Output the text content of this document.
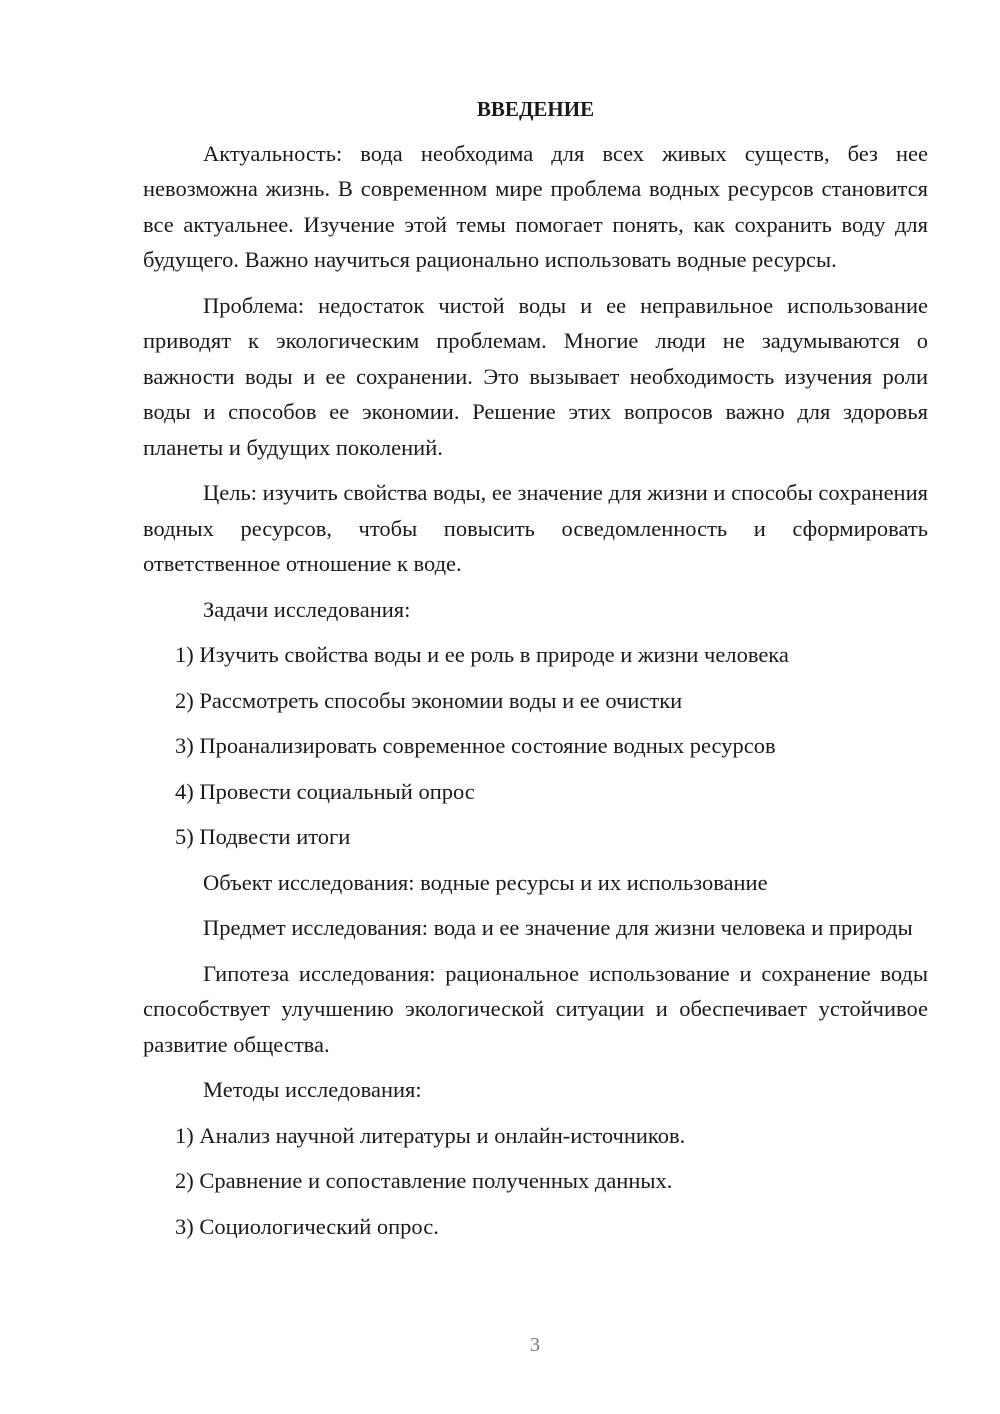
ВВЕДЕНИЕ

Актуальность: вода необходима для всех живых существ, без нее невозможна жизнь. В современном мире проблема водных ресурсов становится все актуальнее. Изучение этой темы помогает понять, как сохранить воду для будущего. Важно научиться рационально использовать водные ресурсы.

Проблема: недостаток чистой воды и ее неправильное использование приводят к экологическим проблемам. Многие люди не задумываются о важности воды и ее сохранении. Это вызывает необходимость изучения роли воды и способов ее экономии. Решение этих вопросов важно для здоровья планеты и будущих поколений.

Цель: изучить свойства воды, ее значение для жизни и способы сохранения водных ресурсов, чтобы повысить осведомленность и сформировать ответственное отношение к воде.

Задачи исследования:

1) Изучить свойства воды и ее роль в природе и жизни человека
2) Рассмотреть способы экономии воды и ее очистки
3) Проанализировать современное состояние водных ресурсов
4) Провести социальный опрос
5) Подвести итоги

Объект исследования: водные ресурсы и их использование

Предмет исследования: вода и ее значение для жизни человека и природы

Гипотеза исследования: рациональное использование и сохранение воды способствует улучшению экологической ситуации и обеспечивает устойчивое развитие общества.

Методы исследования:

1) Анализ научной литературы и онлайн-источников.
2) Сравнение и сопоставление полученных данных.
3) Социологический опрос.
3
